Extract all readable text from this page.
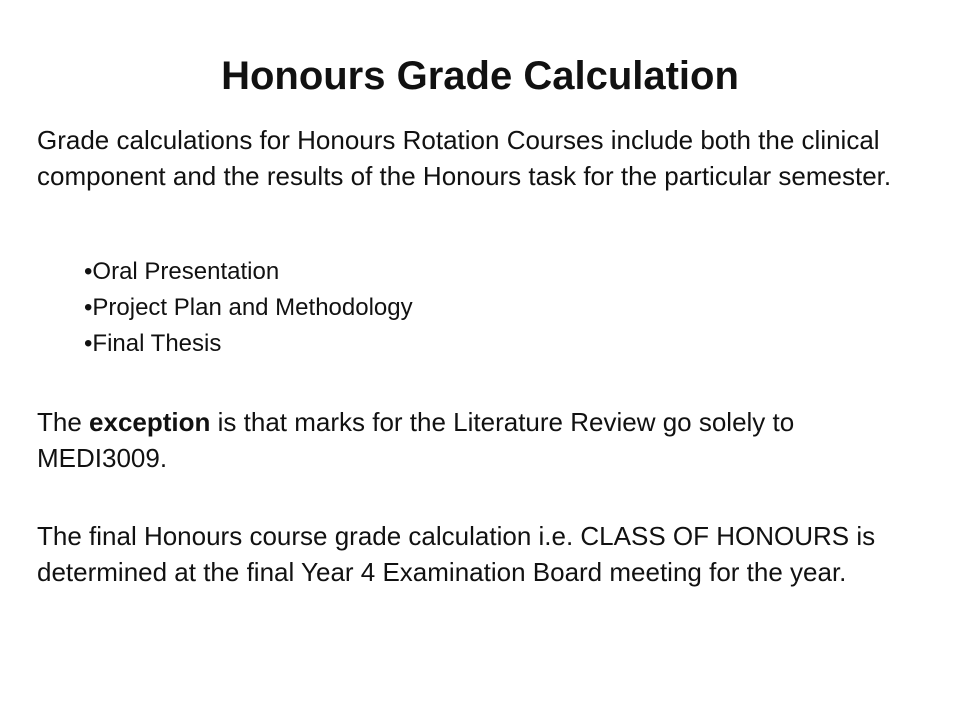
Honours Grade Calculation

Grade calculations for Honours Rotation Courses include both the clinical component and the results of the Honours task for the particular semester.

•Oral Presentation
•Project Plan and Methodology
•Final Thesis

The exception is that marks for the Literature Review go solely to MEDI3009.

The final Honours course grade calculation i.e. CLASS OF HONOURS is determined at the final Year 4 Examination Board meeting for the year.
